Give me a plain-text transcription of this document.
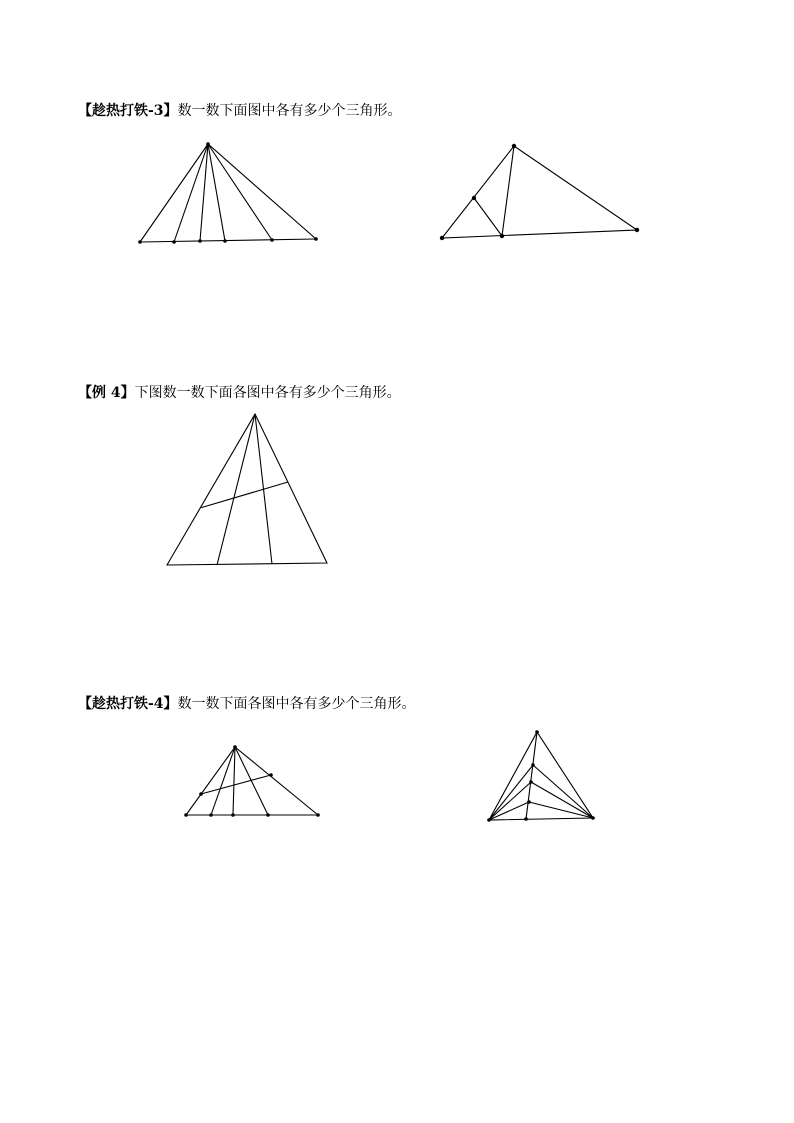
【趁热打铁-3】数一数下面图中各有多少个三角形。
【例 4】下图数一数下面各图中各有多少个三角形。
【趁热打铁-4】数一数下面各图中各有多少个三角形。
